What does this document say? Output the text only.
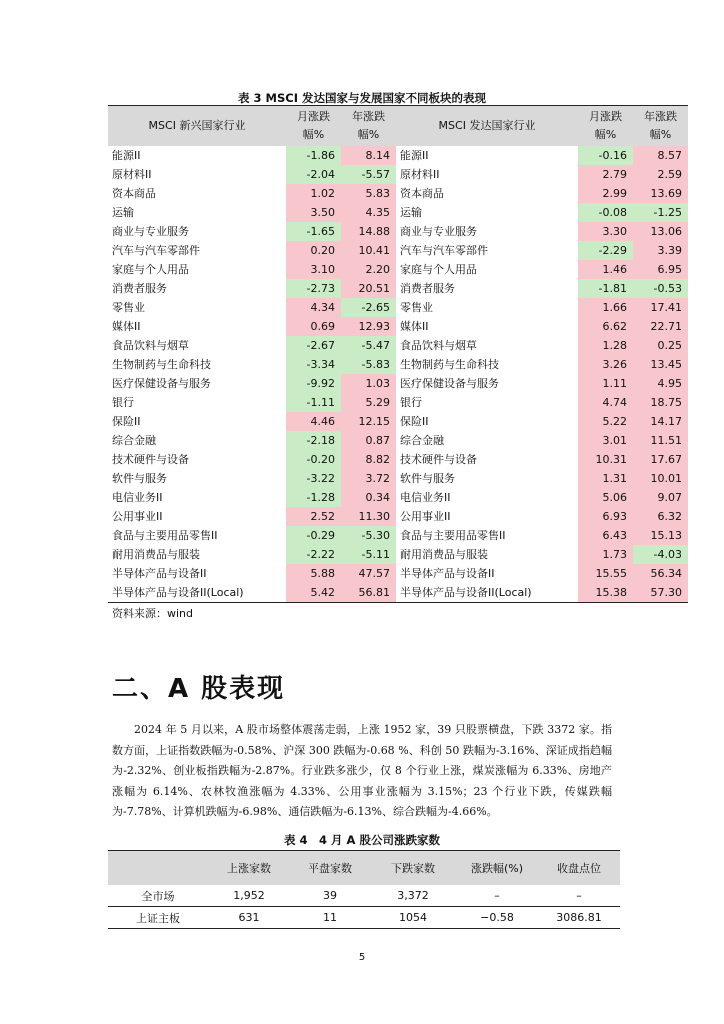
表 3 MSCI 发达国家与发展国家不同板块的表现
MSCI 新兴国家行业	月涨跌幅%	年涨跌幅%	MSCI 发达国家行业	月涨跌幅%	年涨跌幅%
能源II	-1.86	8.14	能源II	-0.16	8.57
原材料II	-2.04	-5.57	原材料II	2.79	2.59
资本商品	1.02	5.83	资本商品	2.99	13.69
运输	3.50	4.35	运输	-0.08	-1.25
商业与专业服务	-1.65	14.88	商业与专业服务	3.30	13.06
汽车与汽车零部件	0.20	10.41	汽车与汽车零部件	-2.29	3.39
家庭与个人用品	3.10	2.20	家庭与个人用品	1.46	6.95
消费者服务	-2.73	20.51	消费者服务	-1.81	-0.53
零售业	4.34	-2.65	零售业	1.66	17.41
媒体II	0.69	12.93	媒体II	6.62	22.71
食品饮料与烟草	-2.67	-5.47	食品饮料与烟草	1.28	0.25
生物制药与生命科技	-3.34	-5.83	生物制药与生命科技	3.26	13.45
医疗保健设备与服务	-9.92	1.03	医疗保健设备与服务	1.11	4.95
银行	-1.11	5.29	银行	4.74	18.75
保险II	4.46	12.15	保险II	5.22	14.17
综合金融	-2.18	0.87	综合金融	3.01	11.51
技术硬件与设备	-0.20	8.82	技术硬件与设备	10.31	17.67
软件与服务	-3.22	3.72	软件与服务	1.31	10.01
电信业务II	-1.28	0.34	电信业务II	5.06	9.07
公用事业II	2.52	11.30	公用事业II	6.93	6.32
食品与主要用品零售II	-0.29	-5.30	食品与主要用品零售II	6.43	15.13
耐用消费品与服装	-2.22	-5.11	耐用消费品与服装	1.73	-4.03
半导体产品与设备II	5.88	47.57	半导体产品与设备II	15.55	56.34
半导体产品与设备II(Local)	5.42	56.81	半导体产品与设备II(Local)	15.38	57.30
资料来源：wind
二、A 股表现
2024 年 5 月以来，A 股市场整体震荡走弱，上涨 1952 家，39 只股票横盘，下跌 3372 家。指数方面，上证指数跌幅为-0.58%、沪深 300 跌幅为-0.68 %、科创 50 跌幅为-3.16%、深证成指趋幅为-2.32%、创业板指跌幅为-2.87%。行业跌多涨少，仅 8 个行业上涨，煤炭涨幅为 6.33%、房地产涨幅为 6.14%、农林牧渔涨幅为 4.33%、公用事业涨幅为 3.15%；23 个行业下跌，传媒跌幅为-7.78%、计算机跌幅为-6.98%、通信跌幅为-6.13%、综合跌幅为-4.66%。
表 4　4 月 A 股公司涨跌家数
	上涨家数	平盘家数	下跌家数	涨跌幅(%)	收盘点位
全市场	1,952	39	3,372	–	–
上证主板	631	11	1054	−0.58	3086.81
5
